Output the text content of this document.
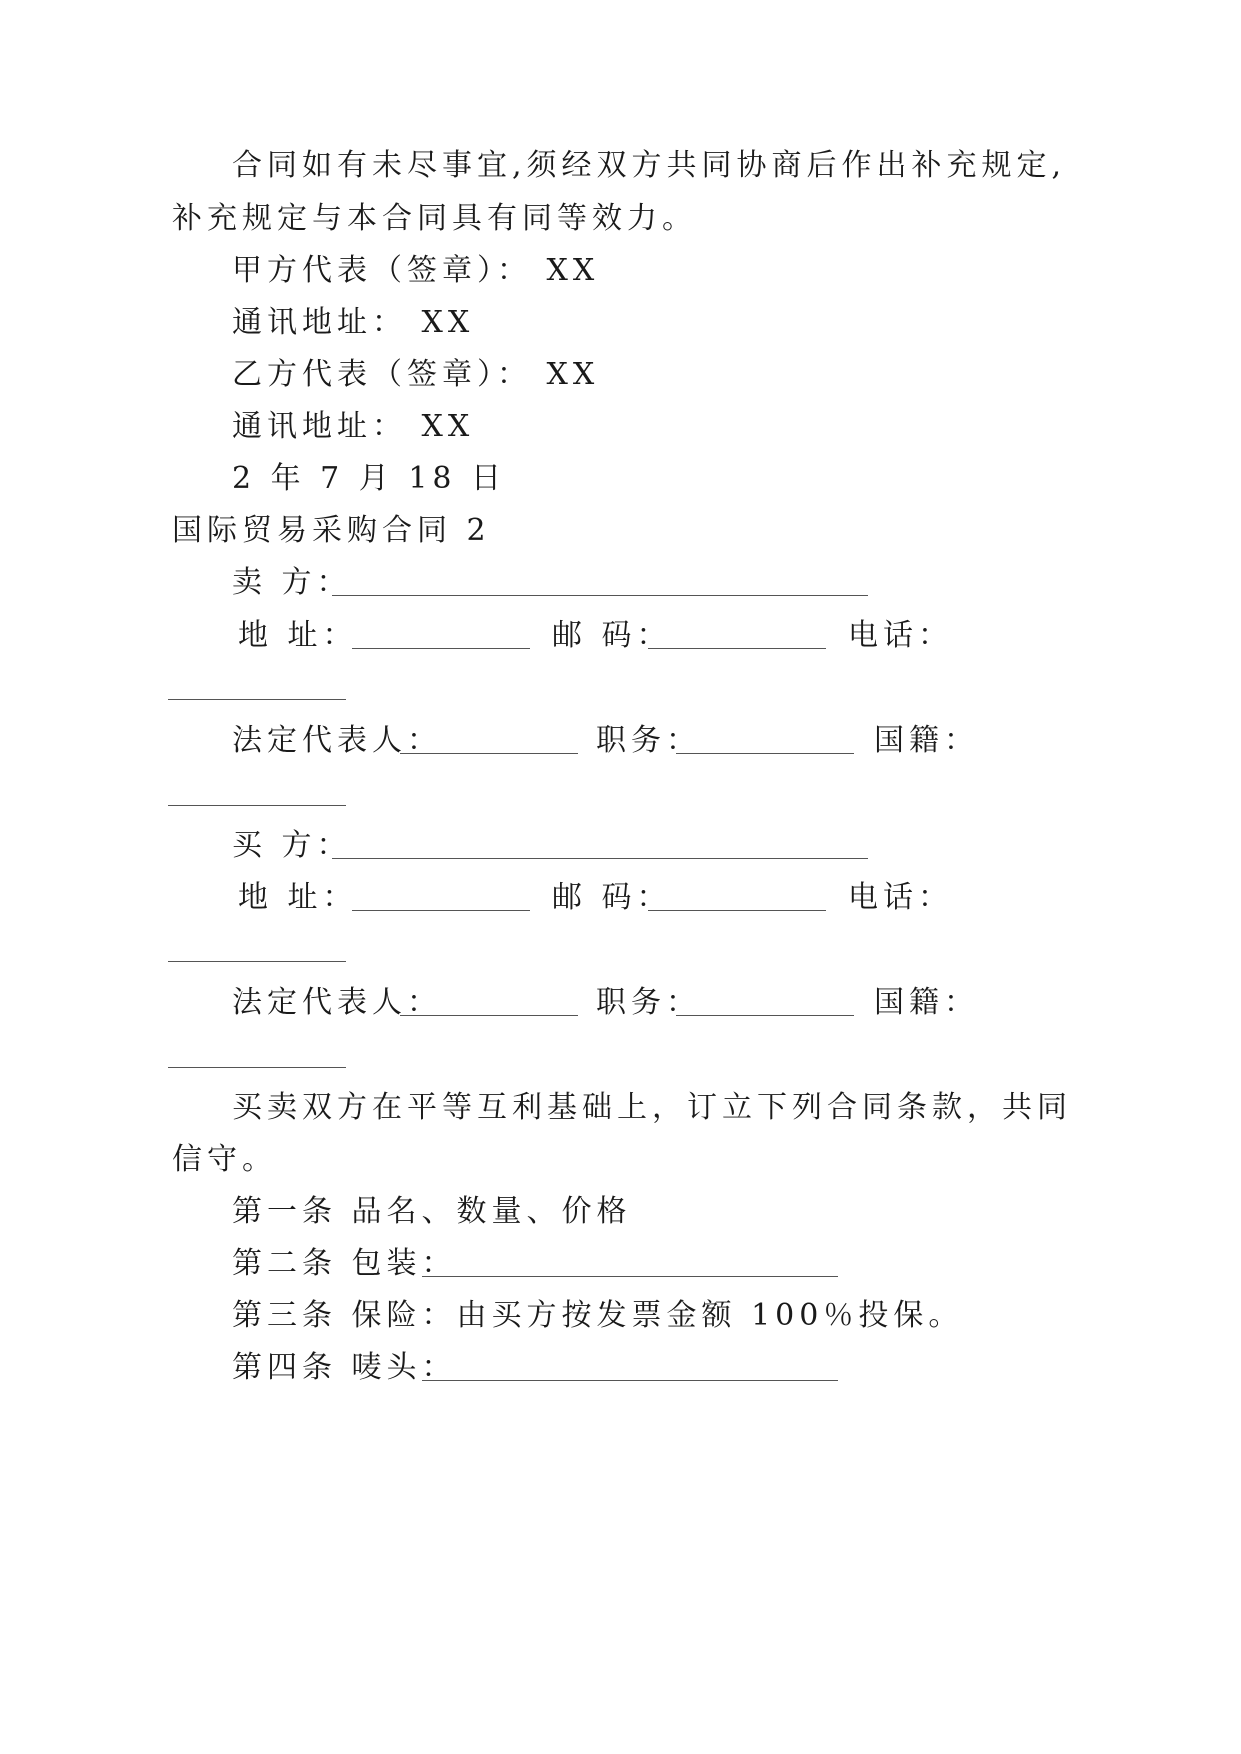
合同如有未尽事宜,须经双方共同协商后作出补充规定,
补充规定与本合同具有同等效力。
甲方代表（签章）： XX
通讯地址： XX
乙方代表（签章）： XX
通讯地址： XX
2 年 7 月 18 日
国际贸易采购合同 2
卖 方：
地 址：	邮 码：	电话：
法定代表人：	职务：	国籍：
买 方：
地 址：	邮 码：	电话：
法定代表人：	职务：	国籍：
买卖双方在平等互利基础上，订立下列合同条款，共同
信守。
第一条 品名、数量、价格
第二条 包装：
第三条 保险：由买方按发票金额 100％投保。
第四条 唛头：
